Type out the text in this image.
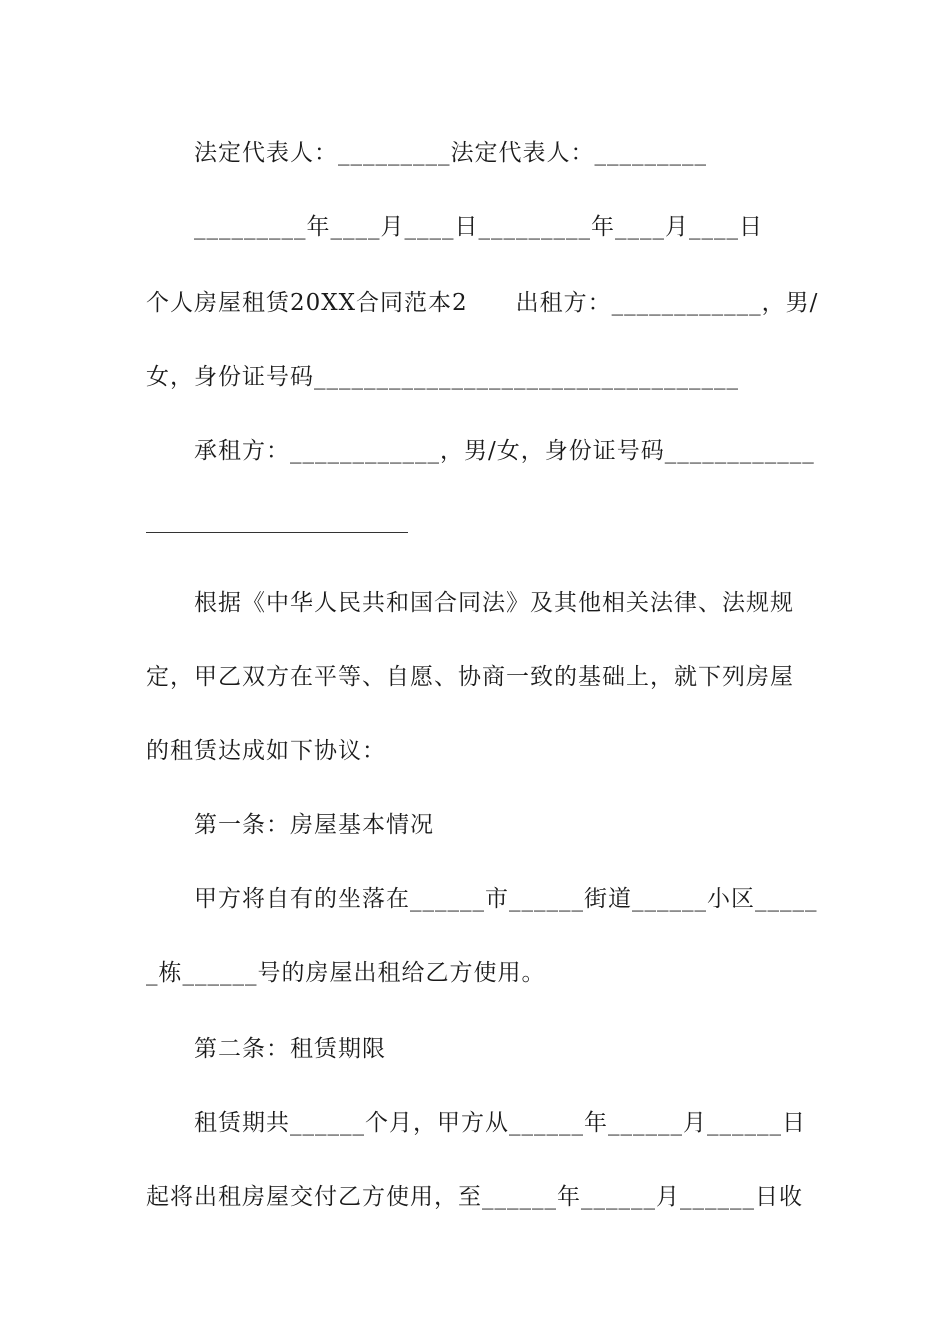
法定代表人：_________法定代表人：_________
_________年____月____日_________年____月____日
个人房屋租赁20XX合同范本2　　出租方：____________，男/
女，身份证号码__________________________________
承租方：____________，男/女，身份证号码____________
根据《中华人民共和国合同法》及其他相关法律、法规规
定，甲乙双方在平等、自愿、协商一致的基础上，就下列房屋
的租赁达成如下协议：
第一条：房屋基本情况
甲方将自有的坐落在______市______街道______小区_____
_栋______号的房屋出租给乙方使用。
第二条：租赁期限
租赁期共______个月，甲方从______年______月______日
起将出租房屋交付乙方使用，至______年______月______日收
